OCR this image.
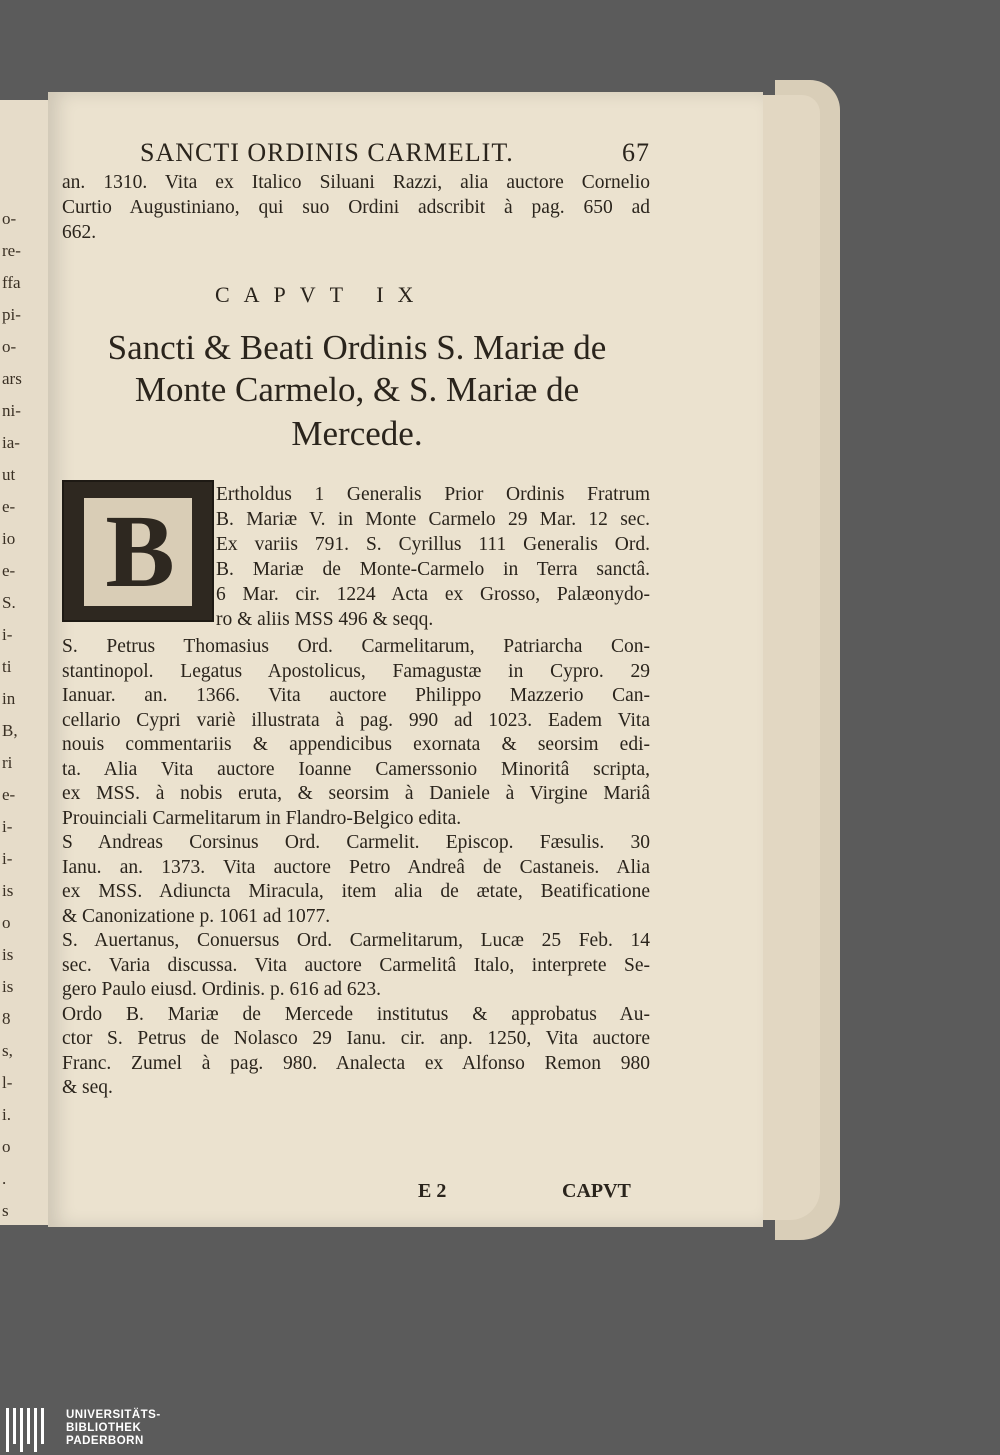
o-
re-
ffa
pi-
o-
ars
ni-
ia-
ut
e-
io
e-
S.
i-
ti
in
B,
ri
e-
i-
i-
is
o
is
is
8
s,
l-
i.
o
.
s
SANCTI ORDINIS CARMELIT.	67
an. 1310. Vita ex Italico Siluani Razzi, alia auctore Cornelio
Curtio Augustiniano, qui suo Ordini adscribit à pag. 650 ad
662.
CAPVT IX
Sancti & Beati Ordinis S. Mariæ de
Monte Carmelo, & S. Mariæ de
Mercede.
B	Ertholdus 1 Generalis Prior Ordinis Fratrum
B. Mariæ V. in Monte Carmelo 29 Mar. 12 sec.
Ex variis 791. S. Cyrillus 111 Generalis Ord.
B. Mariæ de Monte-Carmelo in Terra sanctâ.
6 Mar. cir. 1224 Acta ex Grosso, Palæonydo-
ro & aliis MSS 496 & seqq.
S. Petrus Thomasius Ord. Carmelitarum, Patriarcha Con-
stantinopol. Legatus Apostolicus, Famagustæ in Cypro. 29
Ianuar. an. 1366. Vita auctore Philippo Mazzerio Can-
cellario Cypri variè illustrata à pag. 990 ad 1023. Eadem Vita
nouis commentariis & appendicibus exornata & seorsim edi-
ta. Alia Vita auctore Ioanne Camerssonio Minoritâ scripta,
ex MSS. à nobis eruta, & seorsim à Daniele à Virgine Mariâ
Prouinciali Carmelitarum in Flandro-Belgico edita.
S Andreas Corsinus Ord. Carmelit. Episcop. Fæsulis. 30
Ianu. an. 1373. Vita auctore Petro Andreâ de Castaneis. Alia
ex MSS. Adiuncta Miracula, item alia de ætate, Beatificatione
& Canonizatione p. 1061 ad 1077.
S. Auertanus, Conuersus Ord. Carmelitarum, Lucæ 25 Feb. 14
sec. Varia discussa. Vita auctore Carmelitâ Italo, interprete Se-
gero Paulo eiusd. Ordinis. p. 616 ad 623.
Ordo B. Mariæ de Mercede institutus & approbatus Au-
ctor S. Petrus de Nolasco 29 Ianu. cir. anp. 1250, Vita auctore
Franc. Zumel à pag. 980. Analecta ex Alfonso Remon 980
& seq.
E 2	CAPVT
UNIVERSITÄTS-
BIBLIOTHEK
PADERBORN
